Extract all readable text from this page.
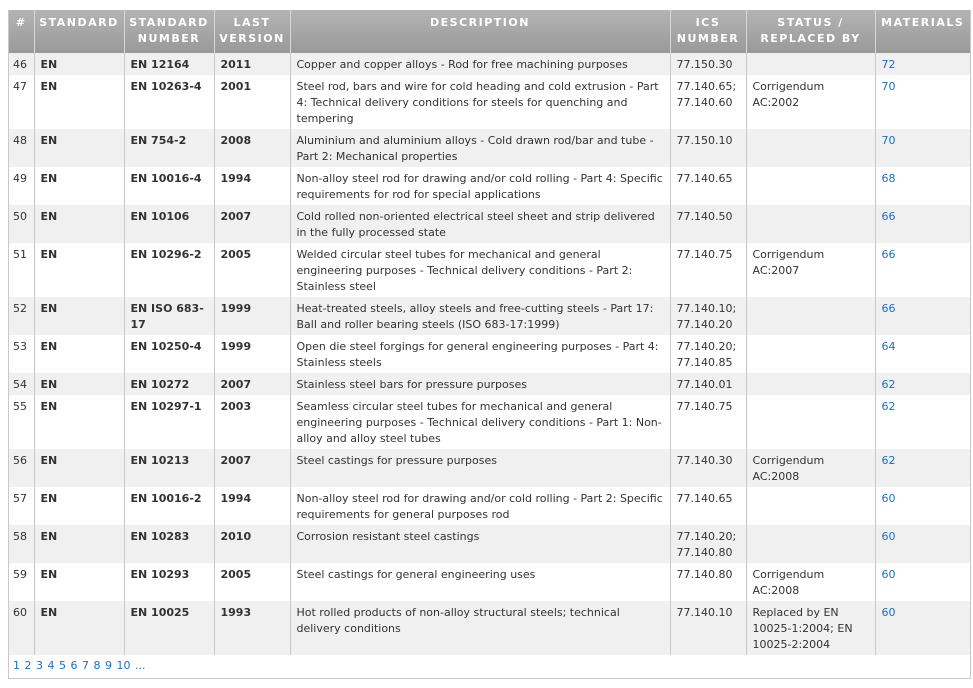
#	STANDARD	STANDARD NUMBER	LAST VERSION	DESCRIPTION	ICS NUMBER	STATUS / REPLACED BY	MATERIALS
46	EN	EN 12164	2011	Copper and copper alloys - Rod for free machining purposes	77.150.30		72
47	EN	EN 10263-4	2001	Steel rod, bars and wire for cold heading and cold extrusion - Part 4: Technical delivery conditions for steels for quenching and tempering	77.140.65; 77.140.60	Corrigendum AC:2002	70
48	EN	EN 754-2	2008	Aluminium and aluminium alloys - Cold drawn rod/bar and tube - Part 2: Mechanical properties	77.150.10		70
49	EN	EN 10016-4	1994	Non-alloy steel rod for drawing and/or cold rolling - Part 4: Specific requirements for rod for special applications	77.140.65		68
50	EN	EN 10106	2007	Cold rolled non-oriented electrical steel sheet and strip delivered in the fully processed state	77.140.50		66
51	EN	EN 10296-2	2005	Welded circular steel tubes for mechanical and general engineering purposes - Technical delivery conditions - Part 2: Stainless steel	77.140.75	Corrigendum AC:2007	66
52	EN	EN ISO 683-17	1999	Heat-treated steels, alloy steels and free-cutting steels - Part 17: Ball and roller bearing steels (ISO 683-17:1999)	77.140.10; 77.140.20		66
53	EN	EN 10250-4	1999	Open die steel forgings for general engineering purposes - Part 4: Stainless steels	77.140.20; 77.140.85		64
54	EN	EN 10272	2007	Stainless steel bars for pressure purposes	77.140.01		62
55	EN	EN 10297-1	2003	Seamless circular steel tubes for mechanical and general engineering purposes - Technical delivery conditions - Part 1: Non-alloy and alloy steel tubes	77.140.75		62
56	EN	EN 10213	2007	Steel castings for pressure purposes	77.140.30	Corrigendum AC:2008	62
57	EN	EN 10016-2	1994	Non-alloy steel rod for drawing and/or cold rolling - Part 2: Specific requirements for general purposes rod	77.140.65		60
58	EN	EN 10283	2010	Corrosion resistant steel castings	77.140.20; 77.140.80		60
59	EN	EN 10293	2005	Steel castings for general engineering uses	77.140.80	Corrigendum AC:2008	60
60	EN	EN 10025	1993	Hot rolled products of non-alloy structural steels; technical delivery conditions	77.140.10	Replaced by EN 10025-1:2004; EN 10025-2:2004	60
1 2 3 4 5 6 7 8 9 10 ...
